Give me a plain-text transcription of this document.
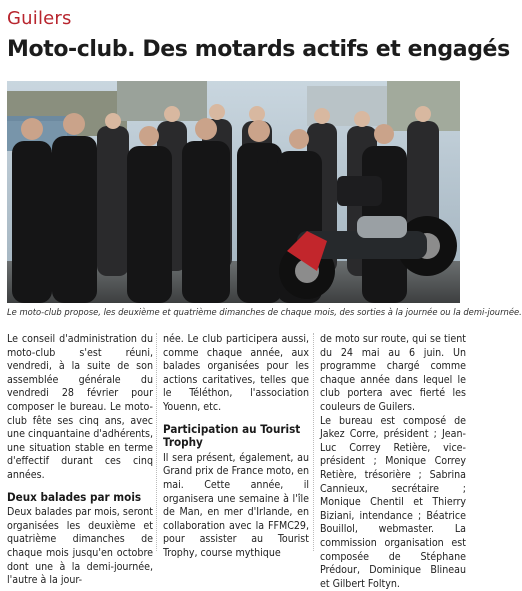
Guilers
Moto-club. Des motards actifs et engagés
Le moto-club propose, les deuxième et quatrième dimanches de chaque mois, des sorties à la journée ou la demi-journée.

Le conseil d'administration du moto-club s'est réuni, vendredi, à la suite de son assemblée générale du vendredi 28 février pour composer le bureau. Le moto-club fête ses cinq ans, avec une cinquantaine d'adhérents, une situation stable en terme d'effectif durant ces cinq années.

Deux balades par mois

Deux balades par mois, seront organisées les deuxième et quatrième dimanches de chaque mois jusqu'en octobre dont une à la demi-journée, l'autre à la jour-

née. Le club participera aussi, comme chaque année, aux balades organisées pour les actions caritatives, telles que le Téléthon, l'association Youenn, etc.

Participation au Tourist Trophy

Il sera présent, également, au Grand prix de France moto, en mai. Cette année, il organisera une semaine à l'île de Man, en mer d'Irlande, en collaboration avec la FFMC29, pour assister au Tourist Trophy, course mythique

de moto sur route, qui se tient du 24 mai au 6 juin. Un programme chargé comme chaque année dans lequel le club portera avec fierté les couleurs de Guilers.

Le bureau est composé de Jakez Corre, président ; Jean-Luc Correy Retière, vice-président ; Monique Correy Retière, trésorière ; Sabrina Cannieux, secrétaire ; Monique Chentil et Thierry Biziani, intendance ; Béatrice Bouillol, webmaster. La commission organisation est composée de Stéphane Prédour, Dominique Blineau et Gilbert Foltyn.
